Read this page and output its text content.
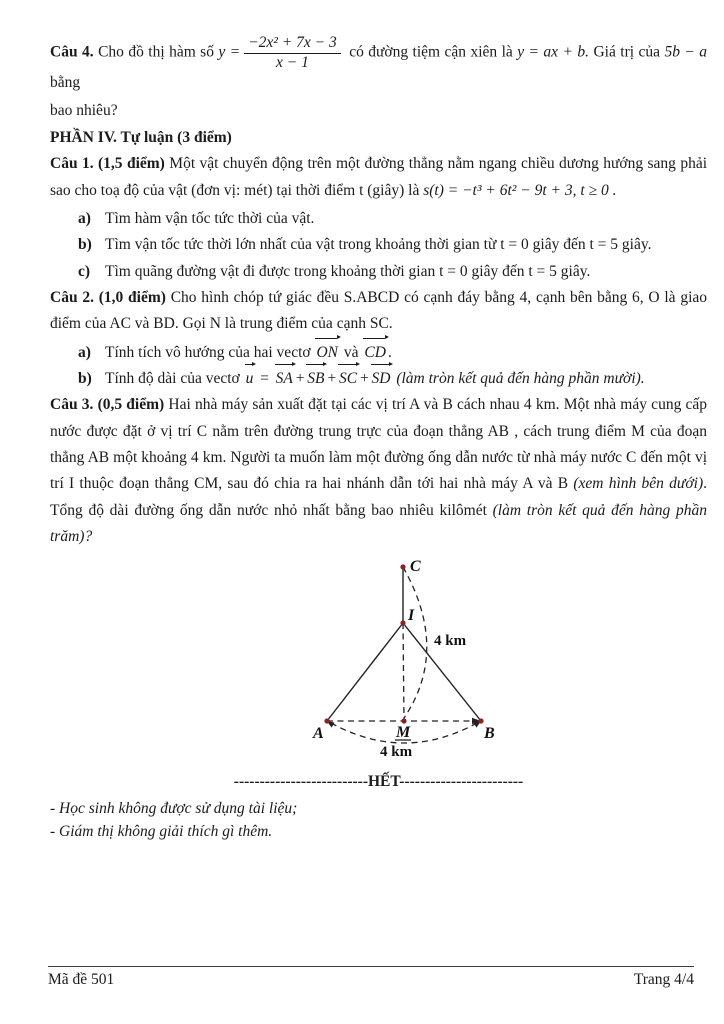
Câu 4. Cho đồ thị hàm số $y = \frac{\text{−2x² + 7x − 3}}{x - 1}$ có đường tiệm cận xiên là y = ax + b. Giá trị của 5b − a bằng

bao nhiêu?

PHẦN IV. Tự luận (3 điểm)

Câu 1. (1,5 điểm) Một vật chuyển động trên một đường thẳng nằm ngang chiều dương hướng sang phải sao cho toạ độ của vật (đơn vị: mét) tại thời điểm t (giây) là s(t) = −t³ + 6t² − 9t + 3, t ≥ 0 .

a) Tìm hàm vận tốc tức thời của vật.
b) Tìm vận tốc tức thời lớn nhất của vật trong khoảng thời gian từ t = 0 giây đến t = 5 giây.
c) Tìm quãng đường vật đi được trong khoảng thời gian t = 0 giây đến t = 5 giây.

Câu 2. (1,0 điểm) Cho hình chóp tứ giác đều S.ABCD có cạnh đáy bằng 4, cạnh bên bằng 6, O là giao điểm của AC và BD. Gọi N là trung điểm của cạnh SC.

a) Tính tích vô hướng của hai vectơ ON và CD .
b) Tính độ dài của vectơ u = SA + SB + SC + SD (làm tròn kết quả đến hàng phần mười).

Câu 3. (0,5 điểm) Hai nhà máy sản xuất đặt tại các vị trí A và B cách nhau 4 km. Một nhà máy cung cấp nước được đặt ở vị trí C nằm trên đường trung trực của đoạn thẳng AB , cách trung điểm M của đoạn thẳng AB một khoảng 4 km. Người ta muốn làm một đường ống dẫn nước từ nhà máy nước C đến một vị trí I thuộc đoạn thẳng CM, sau đó chia ra hai nhánh dẫn tới hai nhà máy A và B (xem hình bên dưới). Tổng độ dài đường ống dẫn nước nhỏ nhất bằng bao nhiêu kilômét (làm tròn kết quả đến hàng phần trăm)?

C
I
A	M	B
4 km
4 km

--------------------------HẾT------------------------

- Học sinh không được sử dụng tài liệu;

- Giám thị không giải thích gì thêm.

Mã đề 501	Trang 4/4
